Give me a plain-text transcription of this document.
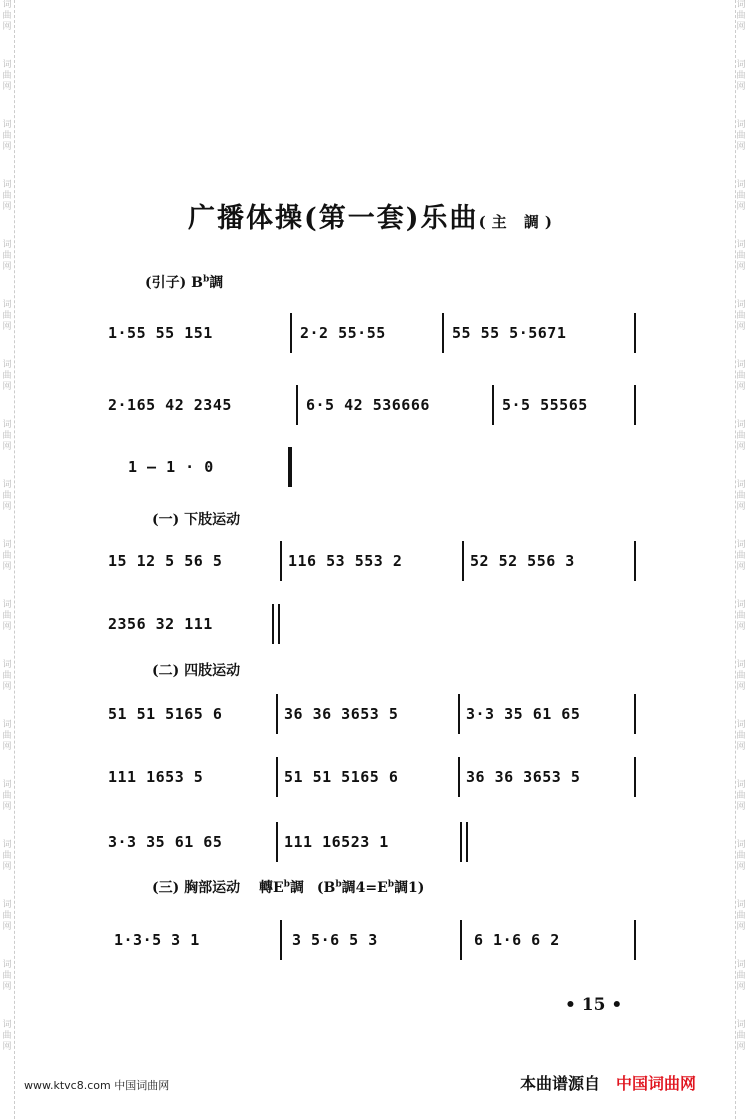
词
曲
网
词
曲
网
词
曲
网
词
曲
网
词
曲
网
词
曲
网
词
曲
网
词
曲
网
词
曲
网
词
曲
网
词
曲
网
词
曲
网
词
曲
网
词
曲
网
词
曲
网
词
曲
网
词
曲
网
词
曲
网
词
曲
网
词
曲
网
词
曲
网
词
曲
网
词
曲
网
词
曲
网
词
曲
网
词
曲
网
词
曲
网
词
曲
网
词
曲
网
词
曲
网
词
曲
网
词
曲
网
词
曲
网
词
曲
网
词
曲
网
词
曲
网
广播体操(第一套)乐曲(主 調)
(引子) $B^b$調
1·55 55 151	2·2 55·55	55 55 5·5671
2·165 42 2345	6·5 42 536666	5·5 55565
1 — 1 · 0
(一) 下肢运动
15 12 5 56 5	116 53 553 2	52 52 556 3
2356 32 111
(二) 四肢运动
51 51 5165 6	36 36 3653 5	3·3 35 61 65
111 1653 5	51 51 5165 6	36 36 3653 5
3·3 35 61 65	111 16523 1
(三) 胸部运动 轉$E^b$調 ($B^b$調$4=E^b$調1)
1·3·5 3 1	3 5·6 5 3	6 1·6 6 2
• 15 •
www.ktvc8.com 中国词曲网	本曲谱源自 中国词曲网
